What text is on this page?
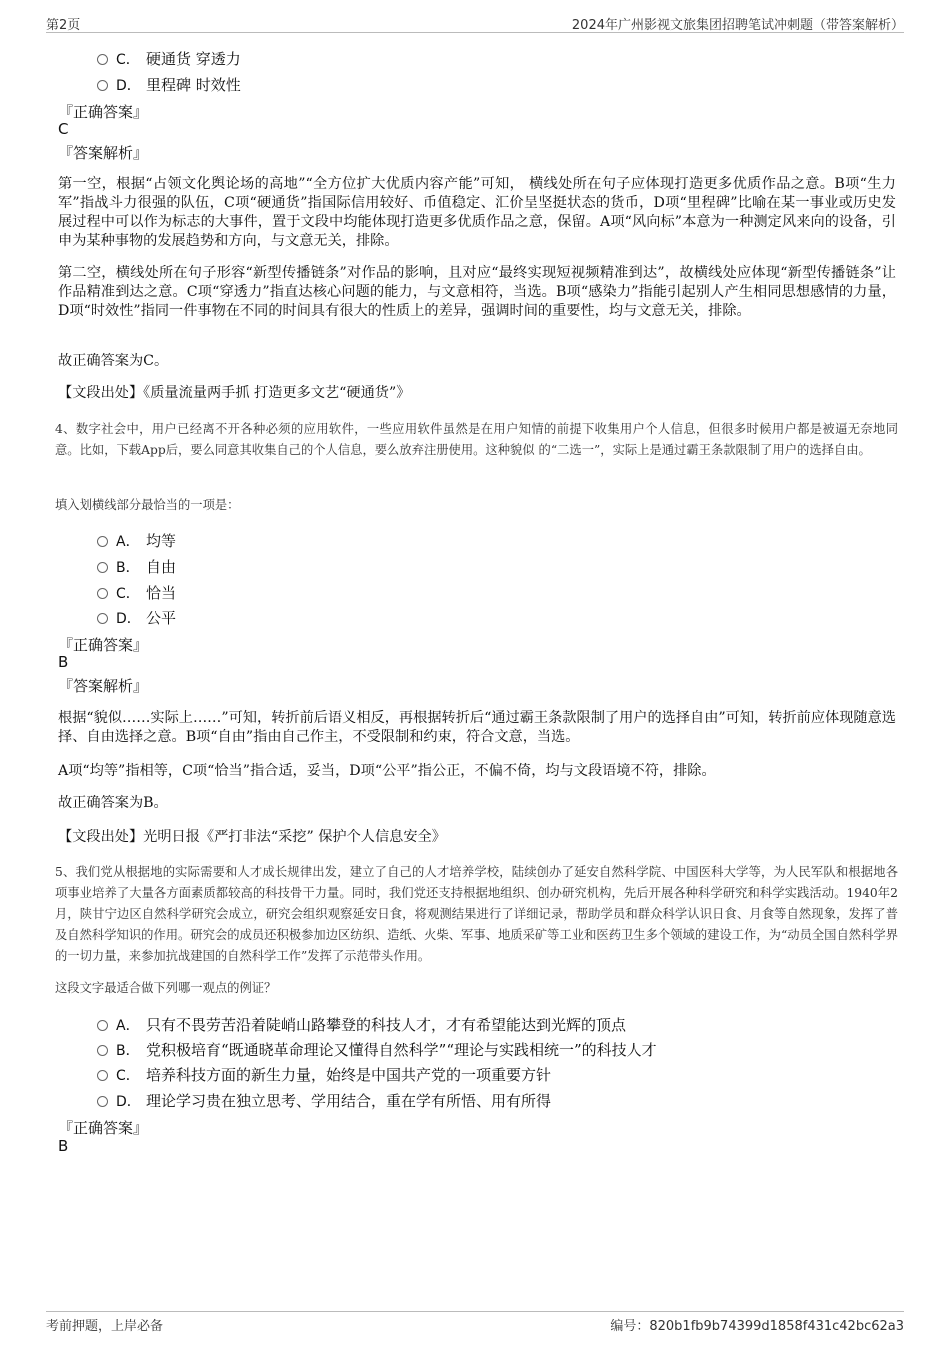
第2页	2024年广州影视文旅集团招聘笔试冲刺题（带答案解析）
C． 硬通货 穿透力
D． 里程碑 时效性
『正确答案』
C
『答案解析』
第一空，根据“占领文化舆论场的高地”“全方位扩大优质内容产能”可知， 横线处所在句子应体现打造更多优质作品之意。B项“生力军”指战斗力很强的队伍，C项“硬通货”指国际信用较好、币值稳定、汇价呈坚挺状态的货币，D项“里程碑”比喻在某一事业或历史发展过程中可以作为标志的大事件，置于文段中均能体现打造更多优质作品之意，保留。A项“风向标”本意为一种测定风来向的设备，引申为某种事物的发展趋势和方向，与文意无关，排除。
第二空，横线处所在句子形容“新型传播链条”对作品的影响，且对应“最终实现短视频精准到达”，故横线处应体现“新型传播链条”让作品精准到达之意。C项“穿透力”指直达核心问题的能力，与文意相符，当选。B项“感染力”指能引起别人产生相同思想感情的力量，D项“时效性”指同一件事物在不同的时间具有很大的性质上的差异，强调时间的重要性，均与文意无关，排除。
故正确答案为C。
【文段出处】《质量流量两手抓 打造更多文艺“硬通货”》
4、数字社会中，用户已经离不开各种必须的应用软件，一些应用软件虽然是在用户知情的前提下收集用户个人信息，但很多时候用户都是被逼无奈地同意。比如，下载App后，要么同意其收集自己的个人信息，要么放弃注册使用。这种貌似 的“二选一”，实际上是通过霸王条款限制了用户的选择自由。
填入划横线部分最恰当的一项是：
A． 均等
B． 自由
C． 恰当
D． 公平
『正确答案』
B
『答案解析』
根据“貌似……实际上……”可知，转折前后语义相反，再根据转折后“通过霸王条款限制了用户的选择自由”可知，转折前应体现随意选择、自由选择之意。B项“自由”指由自己作主，不受限制和约束，符合文意，当选。
A项“均等”指相等，C项“恰当”指合适，妥当，D项“公平”指公正，不偏不倚，均与文段语境不符，排除。
故正确答案为B。
【文段出处】光明日报《严打非法“采挖” 保护个人信息安全》
5、我们党从根据地的实际需要和人才成长规律出发，建立了自己的人才培养学校，陆续创办了延安自然科学院、中国医科大学等，为人民军队和根据地各项事业培养了大量各方面素质都较高的科技骨干力量。同时，我们党还支持根据地组织、创办研究机构，先后开展各种科学研究和科学实践活动。1940年2月，陕甘宁边区自然科学研究会成立，研究会组织观察延安日食，将观测结果进行了详细记录，帮助学员和群众科学认识日食、月食等自然现象，发挥了普及自然科学知识的作用。研究会的成员还积极参加边区纺织、造纸、火柴、军事、地质采矿等工业和医药卫生多个领域的建设工作，为“动员全国自然科学界的一切力量，来参加抗战建国的自然科学工作”发挥了示范带头作用。
这段文字最适合做下列哪一观点的例证？
A． 只有不畏劳苦沿着陡峭山路攀登的科技人才，才有希望能达到光辉的顶点
B． 党积极培育“既通晓革命理论又懂得自然科学”“理论与实践相统一”的科技人才
C． 培养科技方面的新生力量，始终是中国共产党的一项重要方针
D． 理论学习贵在独立思考、学用结合，重在学有所悟、用有所得
『正确答案』
B
考前押题，上岸必备	编号：820b1fb9b74399d1858f431c42bc62a3
